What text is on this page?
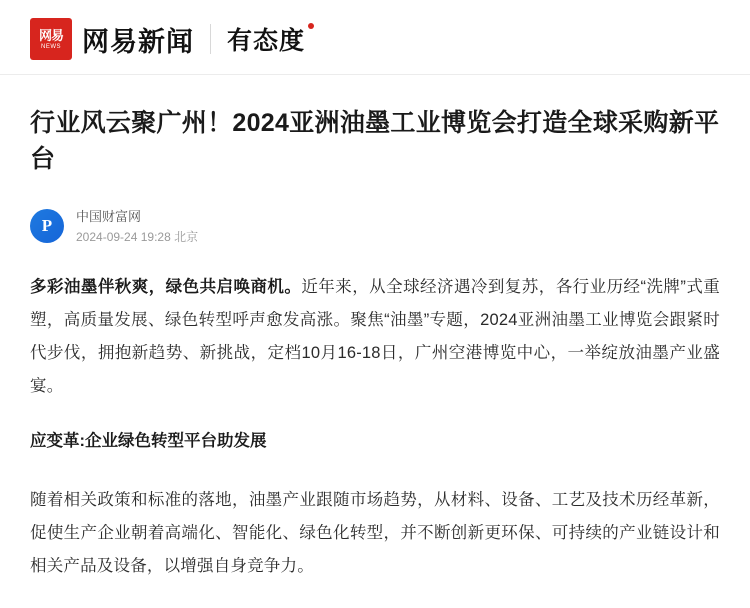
网易
NEWS 网易新闻 有态度
行业风云聚广州！2024亚洲油墨工业博览会打造全球采购新平台
P
中国财富网
2024-09-24 19:28 北京

多彩油墨伴秋爽，绿色共启唤商机。近年来，从全球经济遇冷到复苏，各行业历经“洗牌”式重塑，高质量发展、绿色转型呼声愈发高涨。聚焦“油墨”专题，2024亚洲油墨工业博览会跟紧时代步伐，拥抱新趋势、新挑战，定档10月16-18日，广州空港博览中心，一举绽放油墨产业盛宴。

应变革:企业绿色转型平台助发展

随着相关政策和标准的落地，油墨产业跟随市场趋势，从材料、设备、工艺及技术历经革新，促使生产企业朝着高端化、智能化、绿色化转型，并不断创新更环保、可持续的产业链设计和相关产品及设备，以增强自身竞争力。
